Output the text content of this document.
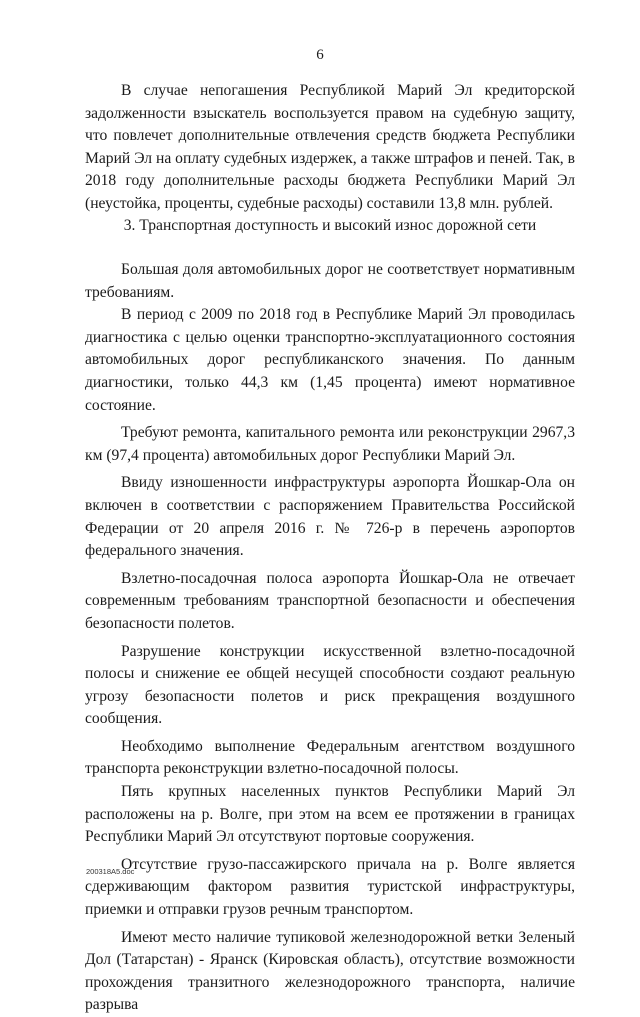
6

В случае непогашения Республикой Марий Эл кредиторской задолженности взыскатель воспользуется правом на судебную защиту, что повлечет дополнительные отвлечения средств бюджета Республики Марий Эл на оплату судебных издержек, а также штрафов и пеней. Так, в 2018 году дополнительные расходы бюджета Республики Марий Эл (неустойка, проценты, судебные расходы) составили 13,8 млн. рублей.

3. Транспортная доступность и высокий износ дорожной сети

Большая доля автомобильных дорог не соответствует нормативным требованиям.

В период с 2009 по 2018 год в Республике Марий Эл проводилась диагностика с целью оценки транспортно-эксплуатационного состояния автомобильных дорог республиканского значения. По данным диагностики, только 44,3 км (1,45 процента) имеют нормативное состояние.

Требуют ремонта, капитального ремонта или реконструкции 2967,3 км (97,4 процента) автомобильных дорог Республики Марий Эл.

Ввиду изношенности инфраструктуры аэропорта Йошкар-Ола он включен в соответствии с распоряжением Правительства Российской Федерации от 20 апреля 2016 г. № 726-р в перечень аэропортов федерального значения.

Взлетно-посадочная полоса аэропорта Йошкар-Ола не отвечает современным требованиям транспортной безопасности и обеспечения безопасности полетов.

Разрушение конструкции искусственной взлетно-посадочной полосы и снижение ее общей несущей способности создают реальную угрозу безопасности полетов и риск прекращения воздушного сообщения.

Необходимо выполнение Федеральным агентством воздушного транспорта реконструкции взлетно-посадочной полосы.

Пять крупных населенных пунктов Республики Марий Эл расположены на р. Волге, при этом на всем ее протяжении в границах Республики Марий Эл отсутствуют портовые сооружения.

Отсутствие грузо-пассажирского причала на р. Волге является сдерживающим фактором развития туристской инфраструктуры, приемки и отправки грузов речным транспортом.

Имеют место наличие тупиковой железнодорожной ветки Зеленый Дол (Татарстан) - Яранск (Кировская область), отсутствие возможности прохождения транзитного железнодорожного транспорта, наличие разрыва

200318A5.doc
